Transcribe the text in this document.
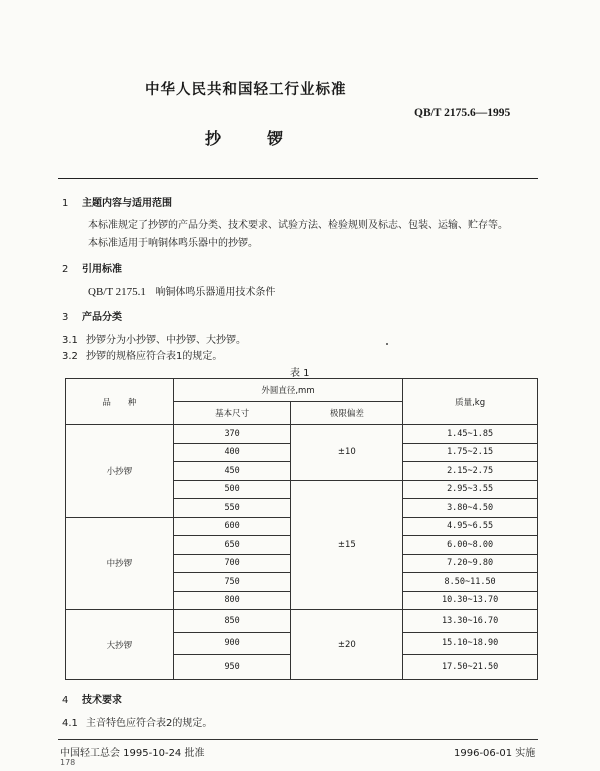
中华人民共和国轻工行业标准
QB/T 2175.6—1995
抄锣
1 主题内容与适用范围
本标准规定了抄锣的产品分类、技术要求、试验方法、检验规则及标志、包装、运输、贮存等。
本标准适用于响铜体鸣乐器中的抄锣。
2 引用标准
QB/T 2175.1 响铜体鸣乐器通用技术条件
3 产品分类
3.1 抄锣分为小抄锣、中抄锣、大抄锣。
3.2 抄锣的规格应符合表1的规定。
表 1
品　　种	外圆直径,mm		质量,kg
	基本尺寸	极限偏差	
小抄锣	370	±10	1.45~1.85
	400		1.75~2.15
	450		2.15~2.75
	500	±15	2.95~3.55
	550		3.80~4.50
中抄锣	600		4.95~6.55
	650		6.00~8.00
	700		7.20~9.80
	750		8.50~11.50
	800		10.30~13.70
大抄锣	850	±20	13.30~16.70
	900		15.10~18.90
	950		17.50~21.50
4 技术要求
4.1 主音特色应符合表2的规定。
中国轻工总会 1995-10-24 批准	1996-06-01 实施
178
